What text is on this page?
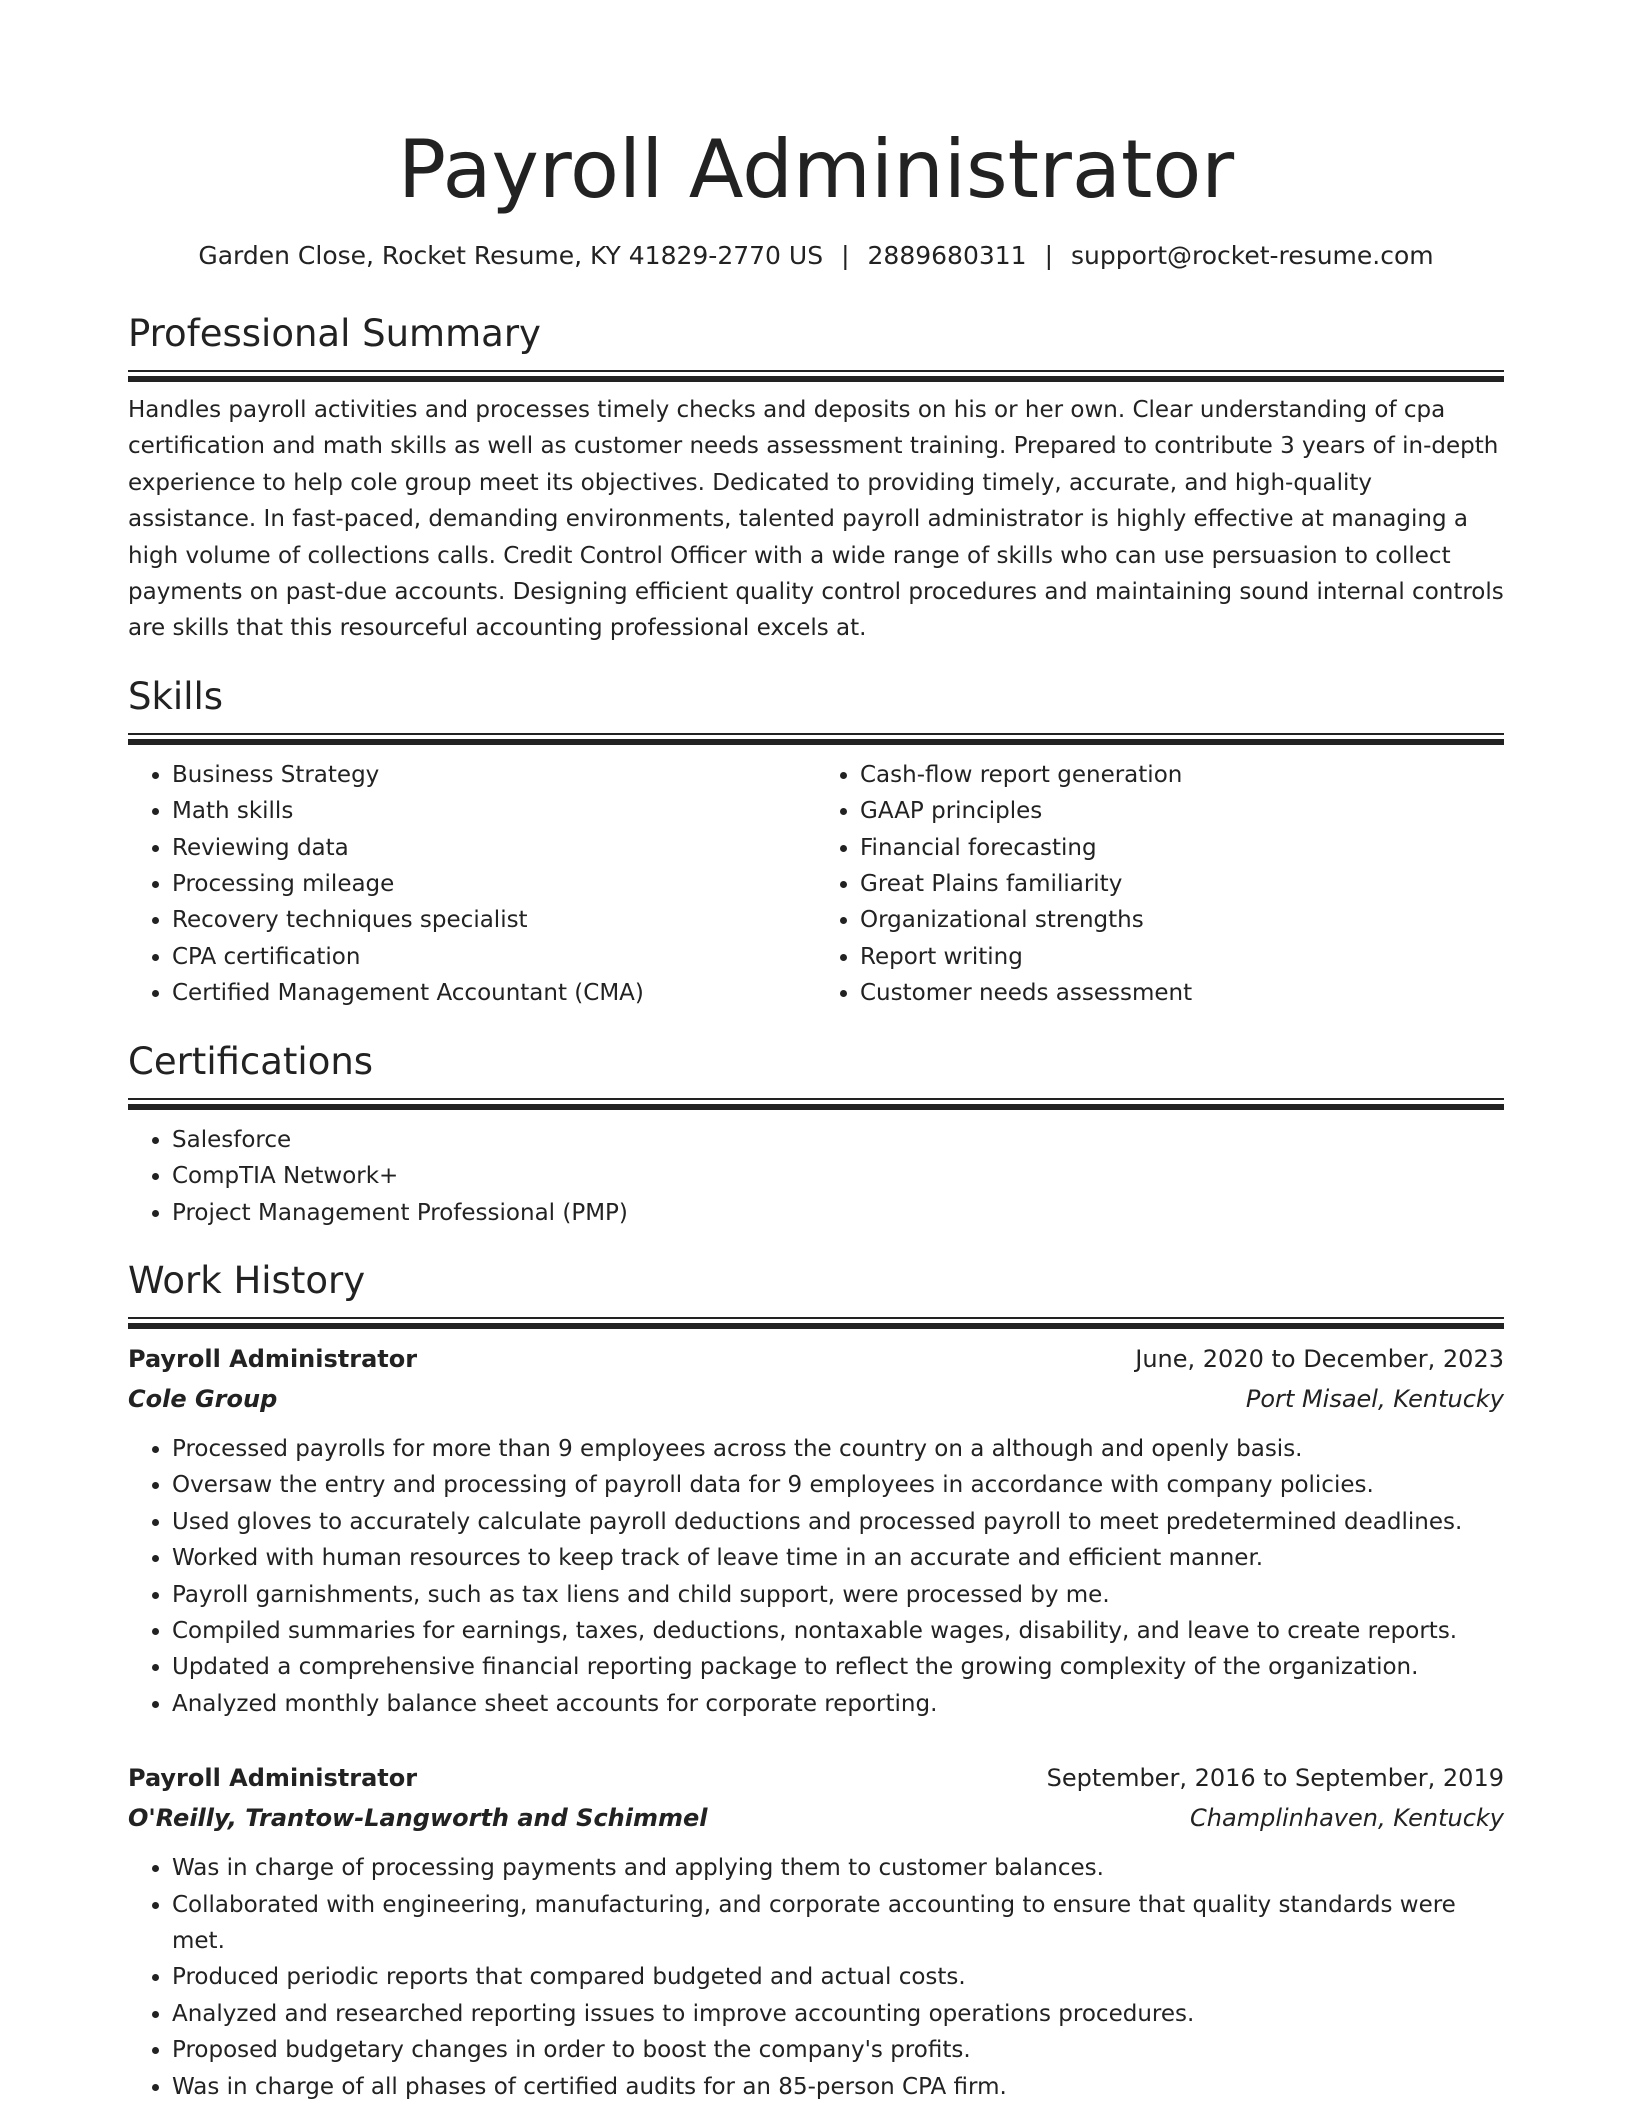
Payroll Administrator
Garden Close, Rocket Resume, KY 41829-2770 US | 2889680311 | support@rocket-resume.com
Professional Summary

Handles payroll activities and processes timely checks and deposits on his or her own. Clear understanding of cpa certification and math skills as well as customer needs assessment training. Prepared to contribute 3 years of in-depth experience to help cole group meet its objectives. Dedicated to providing timely, accurate, and high-quality assistance. In fast-paced, demanding environments, talented payroll administrator is highly effective at managing a high volume of collections calls. Credit Control Officer with a wide range of skills who can use persuasion to collect payments on past-due accounts. Designing efficient quality control procedures and maintaining sound internal controls are skills that this resourceful accounting professional excels at.

Skills
• Business Strategy
• Math skills
• Reviewing data
• Processing mileage
• Recovery techniques specialist
• CPA certification
• Certified Management Accountant (CMA)
• Cash-flow report generation
• GAAP principles
• Financial forecasting
• Great Plains familiarity
• Organizational strengths
• Report writing
• Customer needs assessment
Certifications
• Salesforce
• CompTIA Network+
• Project Management Professional (PMP)
Work History
Payroll Administrator	June, 2020 to December, 2023
Cole Group	Port Misael, Kentucky
• Processed payrolls for more than 9 employees across the country on a although and openly basis.
• Oversaw the entry and processing of payroll data for 9 employees in accordance with company policies.
• Used gloves to accurately calculate payroll deductions and processed payroll to meet predetermined deadlines.
• Worked with human resources to keep track of leave time in an accurate and efficient manner.
• Payroll garnishments, such as tax liens and child support, were processed by me.
• Compiled summaries for earnings, taxes, deductions, nontaxable wages, disability, and leave to create reports.
• Updated a comprehensive financial reporting package to reflect the growing complexity of the organization.
• Analyzed monthly balance sheet accounts for corporate reporting.
Payroll Administrator	September, 2016 to September, 2019
O'Reilly, Trantow-Langworth and Schimmel	Champlinhaven, Kentucky
• Was in charge of processing payments and applying them to customer balances.
• Collaborated with engineering, manufacturing, and corporate accounting to ensure that quality standards were met.
• Produced periodic reports that compared budgeted and actual costs.
• Analyzed and researched reporting issues to improve accounting operations procedures.
• Proposed budgetary changes in order to boost the company's profits.
• Was in charge of all phases of certified audits for an 85-person CPA firm.
